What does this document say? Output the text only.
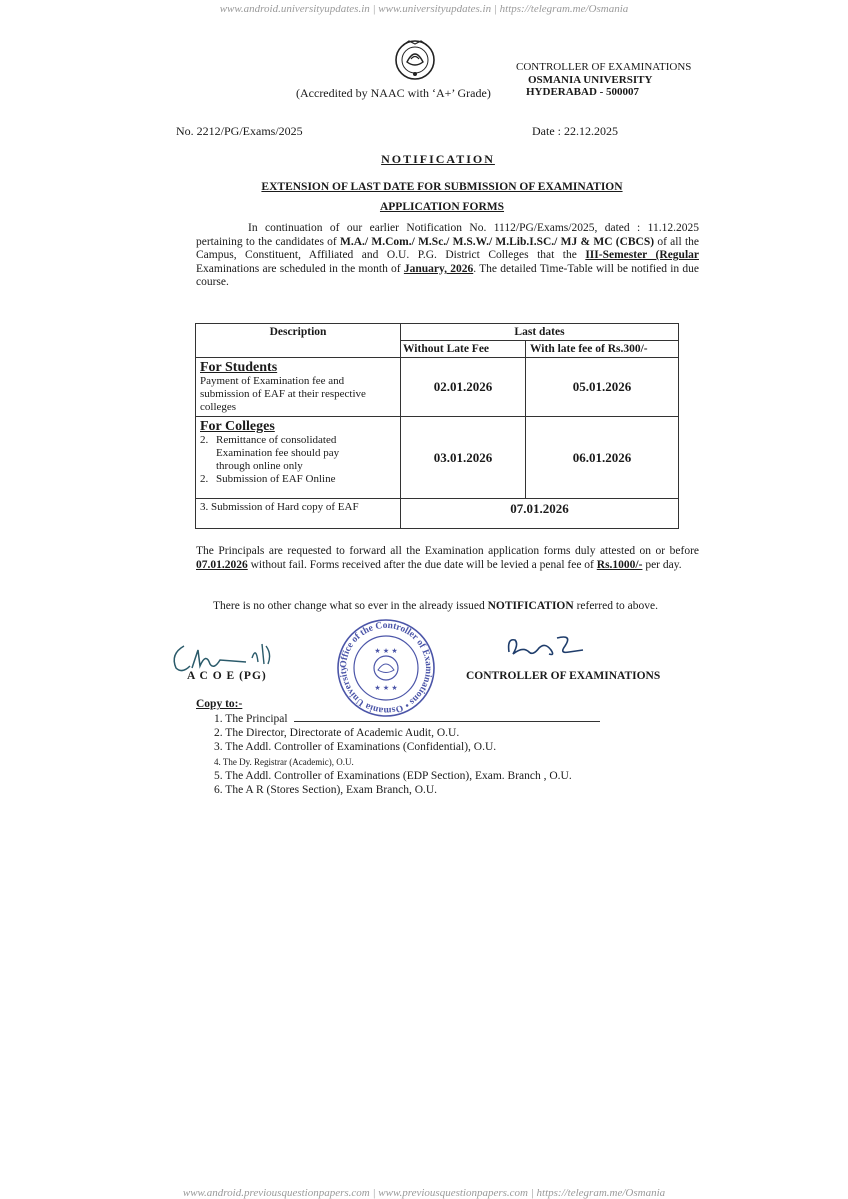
www.android.universityupdates.in | www.universityupdates.in | https://telegram.me/Osmania
(Accredited by NAAC with ‘A+’ Grade)
CONTROLLER OF EXAMINATIONS
OSMANIA UNIVERSITY
HYDERABAD - 500007
No. 2212/PG/Exams/2025	Date : 22.12.2025
NOTIFICATION
EXTENSION OF LAST DATE FOR SUBMISSION OF EXAMINATION
APPLICATION FORMS
In continuation of our earlier Notification No. 1112/PG/Exams/2025, dated : 11.12.2025 pertaining to the candidates of M.A./ M.Com./ M.Sc./ M.S.W./ M.Lib.I.SC./ MJ & MC (CBCS) of all the Campus, Constituent, Affiliated and O.U. P.G. District Colleges that the III-Semester (Regular Examinations are scheduled in the month of January, 2026. The detailed Time-Table will be notified in due course.
Description	Last dates	
	Without Late Fee	With late fee of Rs.300/-

For Students
Payment of Examination fee and submission of EAF at their respective colleges	02.01.2026	05.01.2026

For Colleges
2. Remittance of consolidated Examination fee should pay through online only
2. Submission of EAF Online	03.01.2026	06.01.2026
3. Submission of Hard copy of EAF	07.01.2026	
The Principals are requested to forward all the Examination application forms duly attested on or before 07.01.2026 without fail. Forms received after the due date will be levied a penal fee of Rs.1000/- per day.
There is no other change what so ever in the already issued NOTIFICATION referred to above.
A C O E (PG)
Office of the Controller of Examinations • Osmania University
★ ★ ★
★ ★ ★
CONTROLLER OF EXAMINATIONS
Copy to:-
1. The Principal
2. The Director, Directorate of Academic Audit, O.U.
3. The Addl. Controller of Examinations (Confidential), O.U.
4. The Dy. Registrar (Academic), O.U.
5. The Addl. Controller of Examinations (EDP Section), Exam. Branch , O.U.
6. The A R (Stores Section), Exam Branch, O.U.
www.android.previousquestionpapers.com | www.previousquestionpapers.com | https://telegram.me/Osmania
